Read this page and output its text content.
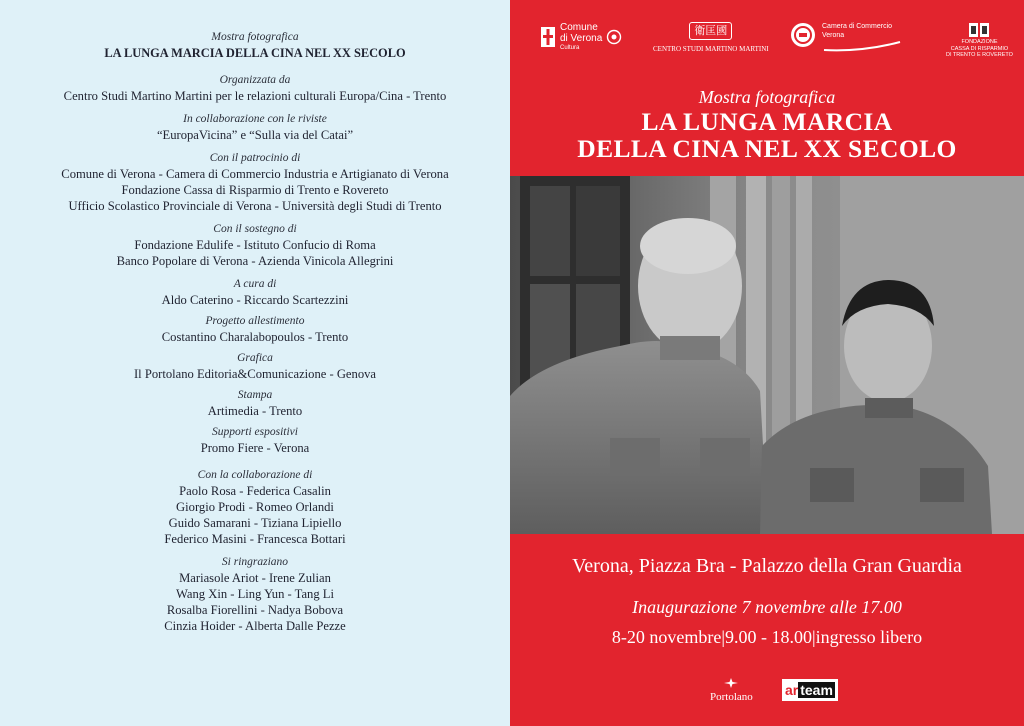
Mostra fotografica
LA LUNGA MARCIA DELLA CINA NEL XX SECOLO
Organizzata da
Centro Studi Martino Martini per le relazioni culturali Europa/Cina - Trento
In collaborazione con le riviste
“EuropaVicina” e “Sulla via del Catai”
Con il patrocinio di
Comune di Verona - Camera di Commercio Industria e Artigianato di Verona
Fondazione Cassa di Risparmio di Trento e Rovereto
Ufficio Scolastico Provinciale di Verona - Università degli Studi di Trento
Con il sostegno di
Fondazione Edulife - Istituto Confucio di Roma
Banco Popolare di Verona - Azienda Vinicola Allegrini
A cura di
Aldo Caterino - Riccardo Scartezzini
Progetto allestimento
Costantino Charalabopoulos - Trento
Grafica
Il Portolano Editoria&Comunicazione - Genova
Stampa
Artimedia - Trento
Supporti espositivi
Promo Fiere - Verona
Con la collaborazione di
Paolo Rosa - Federica Casalin
Giorgio Prodi - Romeo Orlandi
Guido Samarani - Tiziana Lipiello
Federico Masini - Francesca Bottari
Si ringraziano
Mariasole Ariot - Irene Zulian
Wang Xin - Ling Yun - Tang Li
Rosalba Fiorellini - Nadya Bobova
Cinzia Hoider - Alberta Dalle Pezze
Comune
di Verona
Cultura
衛匡國
CENTRO STUDI MARTINO MARTINI
Camera di Commercio
Verona
FONDAZIONE
CASSA DI RISPARMIO
DI TRENTO E ROVERETO
Mostra fotografica
LA LUNGA MARCIA
DELLA CINA NEL XX SECOLO
Verona, Piazza Bra - Palazzo della Gran Guardia
Inaugurazione 7 novembre alle 17.00
8-20 novembre|9.00 - 18.00|ingresso libero
Portolano ar team
